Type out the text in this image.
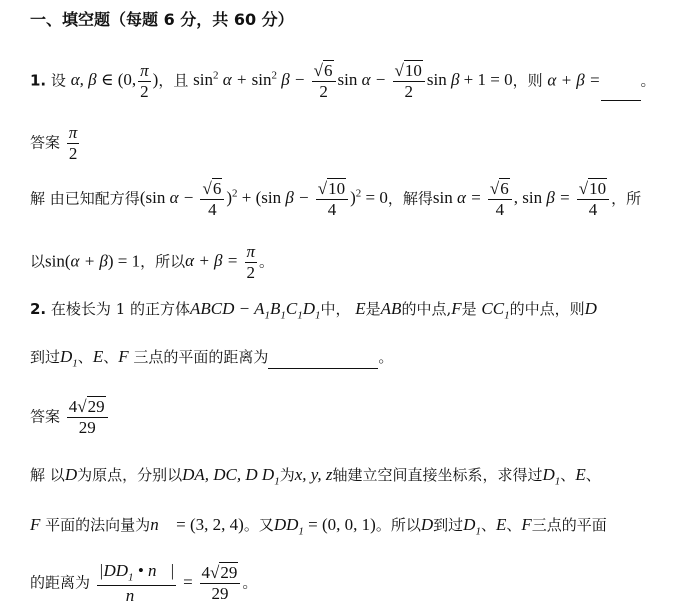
一、填空题（每题 6 分，共 60 分）
1. 设 α, β ∈ (0, $\frac{\pi}{2}$ )，且 $\sin^2 \alpha + \sin^2 \beta - \frac{√6}{2}$ $\sin \alpha - \frac{√10}{2}$ sin β + 1 = 0，则 α + β =	。
答案 $\frac{\pi}{2}$
解 由已知配方得(sin $\alpha - \frac{√6}{4} )^2 + (\sin$ $\beta - \frac{√10}{4} )^2 = 0$，解得$\sin \alpha = \frac{√6}{4}$ , $\sin \beta = \frac{√10}{4}$ ，所
以sin(α + β) = 1，所以$\alpha + \beta = \frac{\pi}{2}$ 。
2. 在棱长为 1 的正方体ABCD − $A_1B_1C_1D_1$中， E是AB的中点,F是 $CC_1$的中点，则D
到过$D_1$、E、F 三点的平面的距离为	。
答案 $\frac{4√29}{29}$
解 以D为原点，分别以DA, DC, D $D_1$为x, y, z轴建立空间直接坐标系，求得过$D_1$、E、
F 平面的法向量为n⃗ = (3, 2, 4)。又$DD_1 = (0$, 0, 1)。所以D到过$D_1$、E、F三点的平面
的距离为 $\frac{|DD_1 • n⃗|}{n⃗} = \frac{4√29}{29}$ 。
